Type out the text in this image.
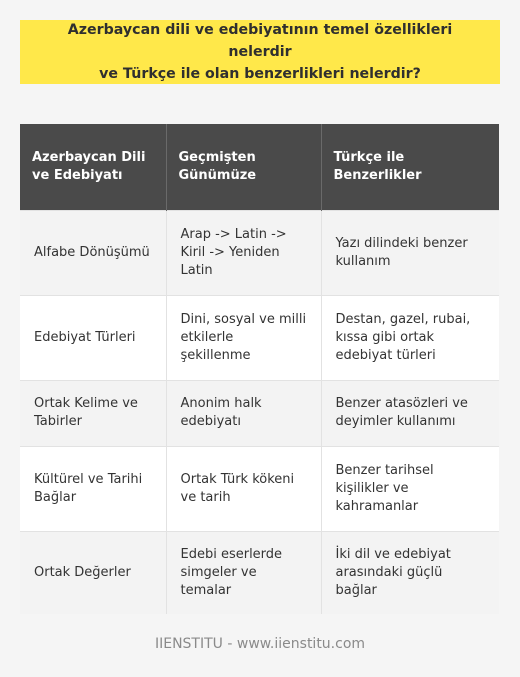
Azerbaycan dili ve edebiyatının temel özellikleri nelerdir
ve Türkçe ile olan benzerlikleri nelerdir?
Azerbaycan Dili ve Edebiyatı	Geçmişten Günümüze	Türkçe ile Benzerlikler
Alfabe Dönüşümü	Arap -> Latin -> Kiril -> Yeniden Latin	Yazı dilindeki benzer kullanım
Edebiyat Türleri	Dini, sosyal ve milli etkilerle şekillenme	Destan, gazel, rubai, kıssa gibi ortak edebiyat türleri
Ortak Kelime ve Tabirler	Anonim halk edebiyatı	Benzer atasözleri ve deyimler kullanımı
Kültürel ve Tarihi Bağlar	Ortak Türk kökeni ve tarih	Benzer tarihsel kişilikler ve kahramanlar
Ortak Değerler	Edebi eserlerde simgeler ve temalar	İki dil ve edebiyat arasındaki güçlü bağlar
IIENSTITU - www.iienstitu.com
